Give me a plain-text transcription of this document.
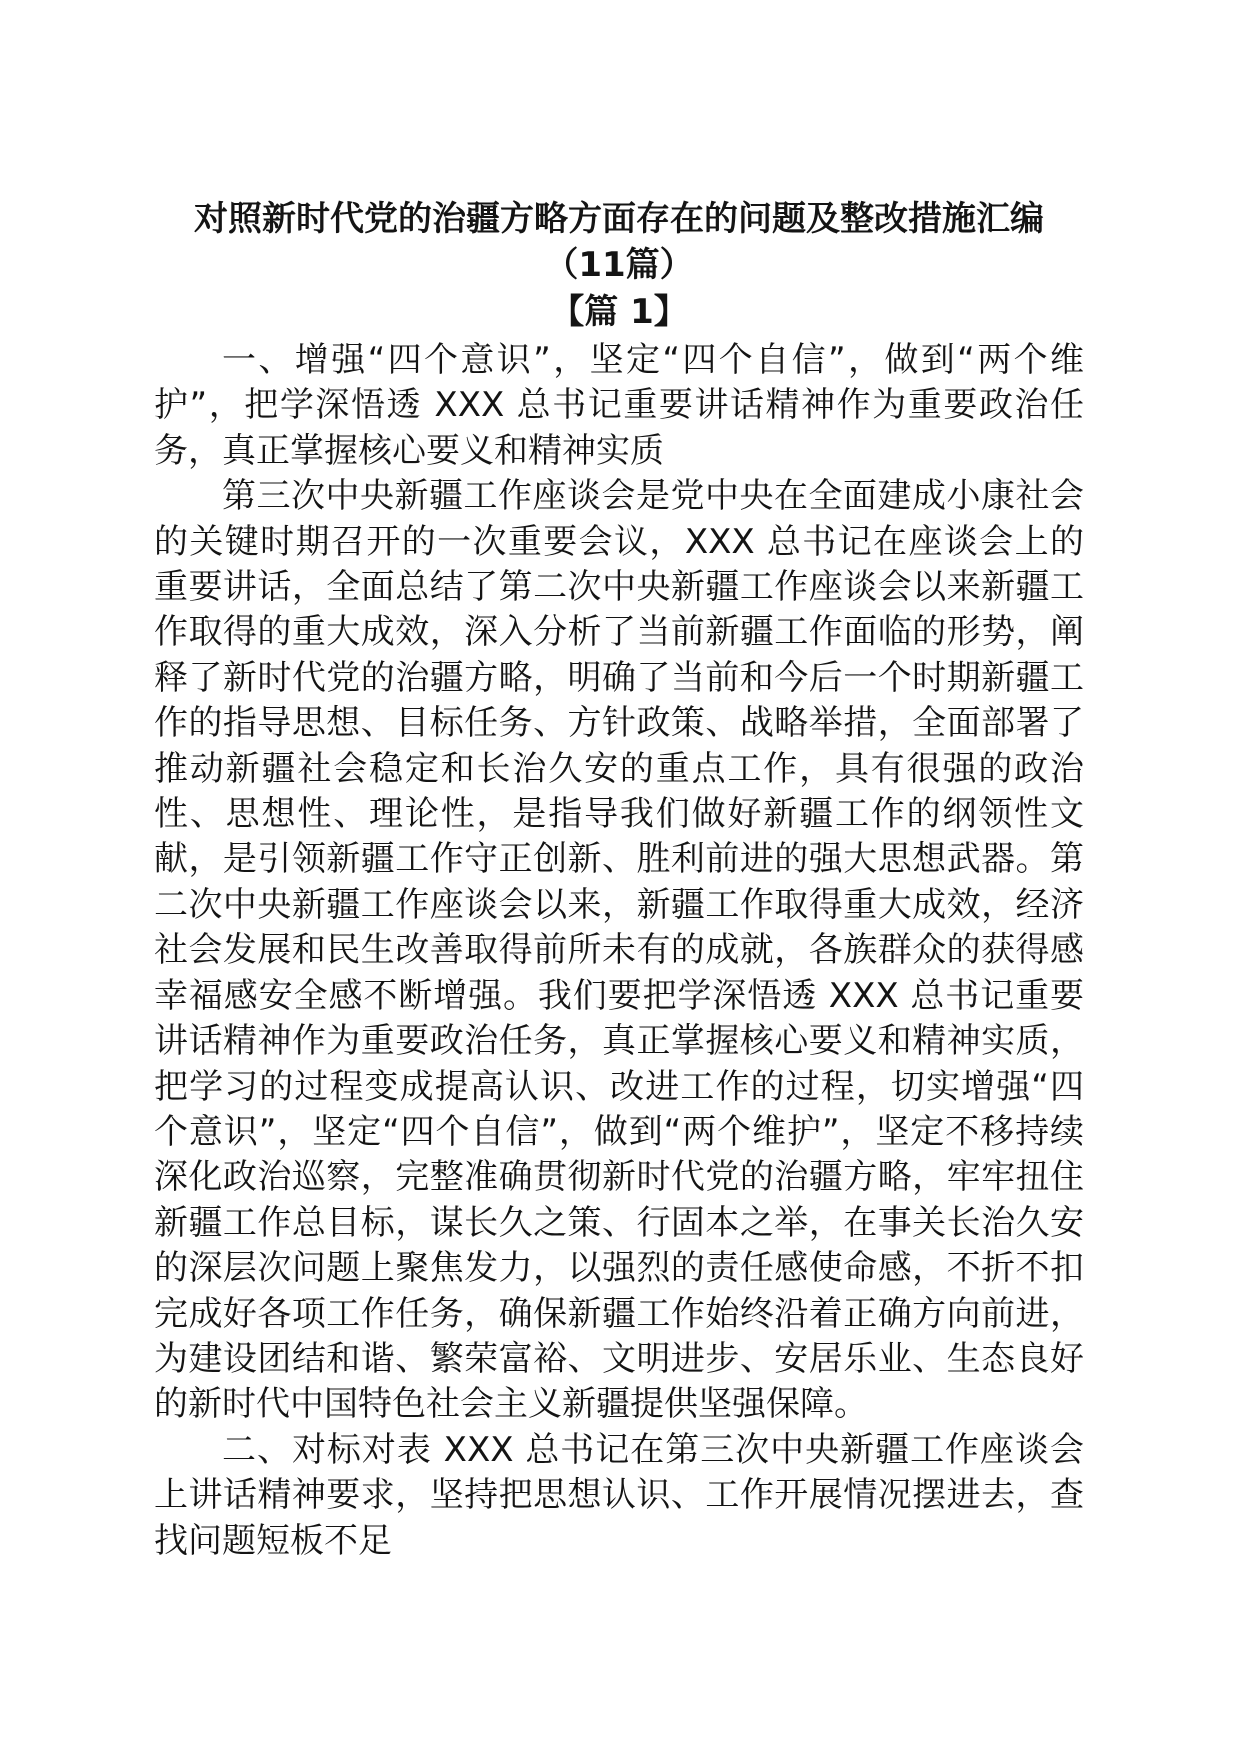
对照新时代党的治疆方略方面存在的问题及整改措施汇编
（11篇）
【篇 1】

一、增强“四个意识”，坚定“四个自信”，做到“两个维护”，把学深悟透 XXX 总书记重要讲话精神作为重要政治任务，真正掌握核心要义和精神实质

第三次中央新疆工作座谈会是党中央在全面建成小康社会的关键时期召开的一次重要会议，XXX 总书记在座谈会上的重要讲话，全面总结了第二次中央新疆工作座谈会以来新疆工作取得的重大成效，深入分析了当前新疆工作面临的形势，阐释了新时代党的治疆方略，明确了当前和今后一个时期新疆工作的指导思想、目标任务、方针政策、战略举措，全面部署了推动新疆社会稳定和长治久安的重点工作，具有很强的政治性、思想性、理论性，是指导我们做好新疆工作的纲领性文献，是引领新疆工作守正创新、胜利前进的强大思想武器。第二次中央新疆工作座谈会以来，新疆工作取得重大成效，经济社会发展和民生改善取得前所未有的成就，各族群众的获得感幸福感安全感不断增强。我们要把学深悟透 XXX 总书记重要讲话精神作为重要政治任务，真正掌握核心要义和精神实质，把学习的过程变成提高认识、改进工作的过程，切实增强“四个意识”，坚定“四个自信”，做到“两个维护”，坚定不移持续深化政治巡察，完整准确贯彻新时代党的治疆方略，牢牢扭住新疆工作总目标，谋长久之策、行固本之举，在事关长治久安的深层次问题上聚焦发力，以强烈的责任感使命感，不折不扣完成好各项工作任务，确保新疆工作始终沿着正确方向前进，为建设团结和谐、繁荣富裕、文明进步、安居乐业、生态良好的新时代中国特色社会主义新疆提供坚强保障。

二、对标对表 XXX 总书记在第三次中央新疆工作座谈会上讲话精神要求，坚持把思想认识、工作开展情况摆进去，查找问题短板不足
